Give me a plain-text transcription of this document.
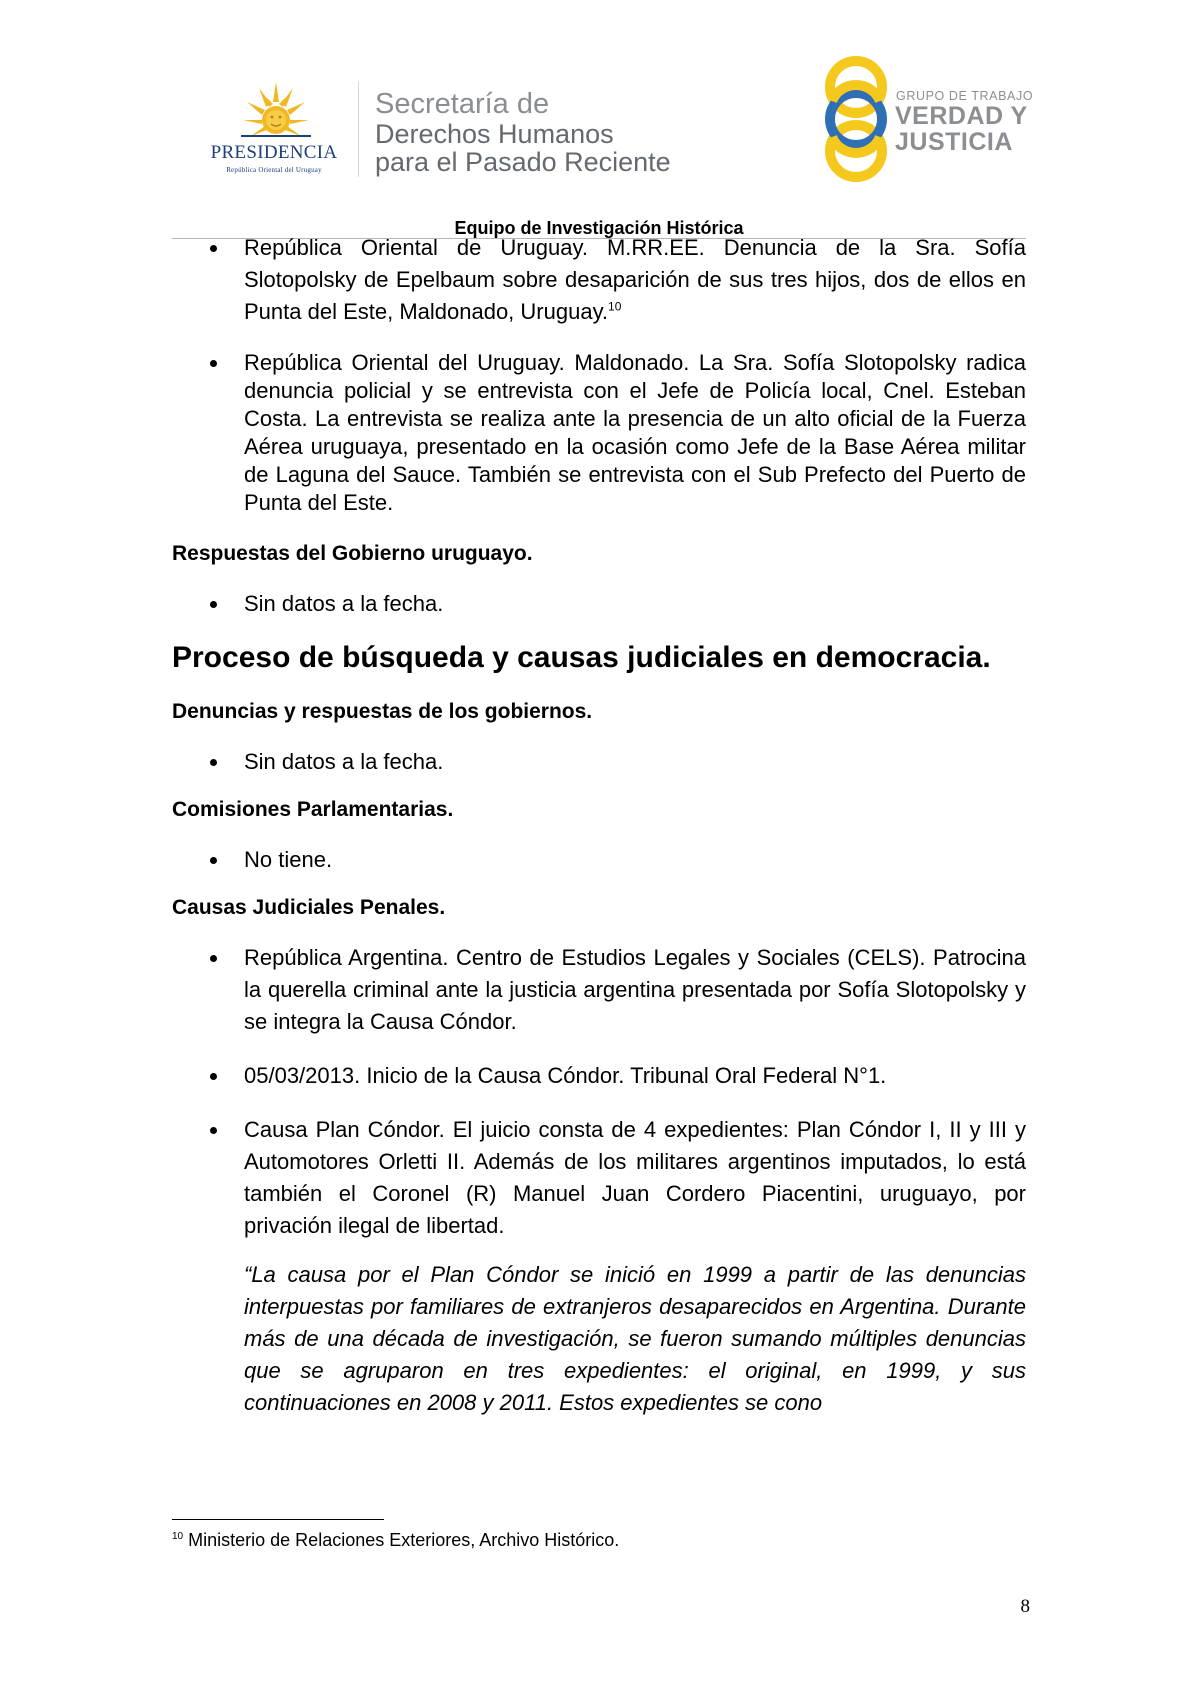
PRESIDENCIA
República Oriental del Uruguay
Secretaría de
Derechos Humanos
para el Pasado Reciente
GRUPO DE TRABAJO
VERDAD Y
JUSTICIA
Equipo de Investigación Histórica

República Oriental de Uruguay. M.RR.EE. Denuncia de la Sra. Sofía Slotopolsky de Epelbaum sobre desaparición de sus tres hijos, dos de ellos en Punta del Este, Maldonado, Uruguay.$^{10}$

República Oriental del Uruguay. Maldonado. La Sra. Sofía Slotopolsky radica denuncia policial y se entrevista con el Jefe de Policía local, Cnel. Esteban Costa. La entrevista se realiza ante la presencia de un alto oficial de la Fuerza Aérea uruguaya, presentado en la ocasión como Jefe de la Base Aérea militar de Laguna del Sauce. También se entrevista con el Sub Prefecto del Puerto de Punta del Este.

Respuestas del Gobierno uruguayo.

Sin datos a la fecha.

Proceso de búsqueda y causas judiciales en democracia.
Denuncias y respuestas de los gobiernos.

Sin datos a la fecha.

Comisiones Parlamentarias.

No tiene.

Causas Judiciales Penales.

República Argentina. Centro de Estudios Legales y Sociales (CELS). Patrocina la querella criminal ante la justicia argentina presentada por Sofía Slotopolsky y se integra la Causa Cóndor.

05/03/2013. Inicio de la Causa Cóndor. Tribunal Oral Federal N°1.

Causa Plan Cóndor. El juicio consta de 4 expedientes: Plan Cóndor I, II y III y Automotores Orletti II. Además de los militares argentinos imputados, lo está también el Coronel (R) Manuel Juan Cordero Piacentini, uruguayo, por privación ilegal de libertad.

“La causa por el Plan Cóndor se inició en 1999 a partir de las denuncias interpuestas por familiares de extranjeros desaparecidos en Argentina. Durante más de una década de investigación, se fueron sumando múltiples denuncias que se agruparon en tres expedientes: el original, en 1999, y sus continuaciones en 2008 y 2011. Estos expedientes se cono

$^{10}$ Ministerio de Relaciones Exteriores, Archivo Histórico.
8
